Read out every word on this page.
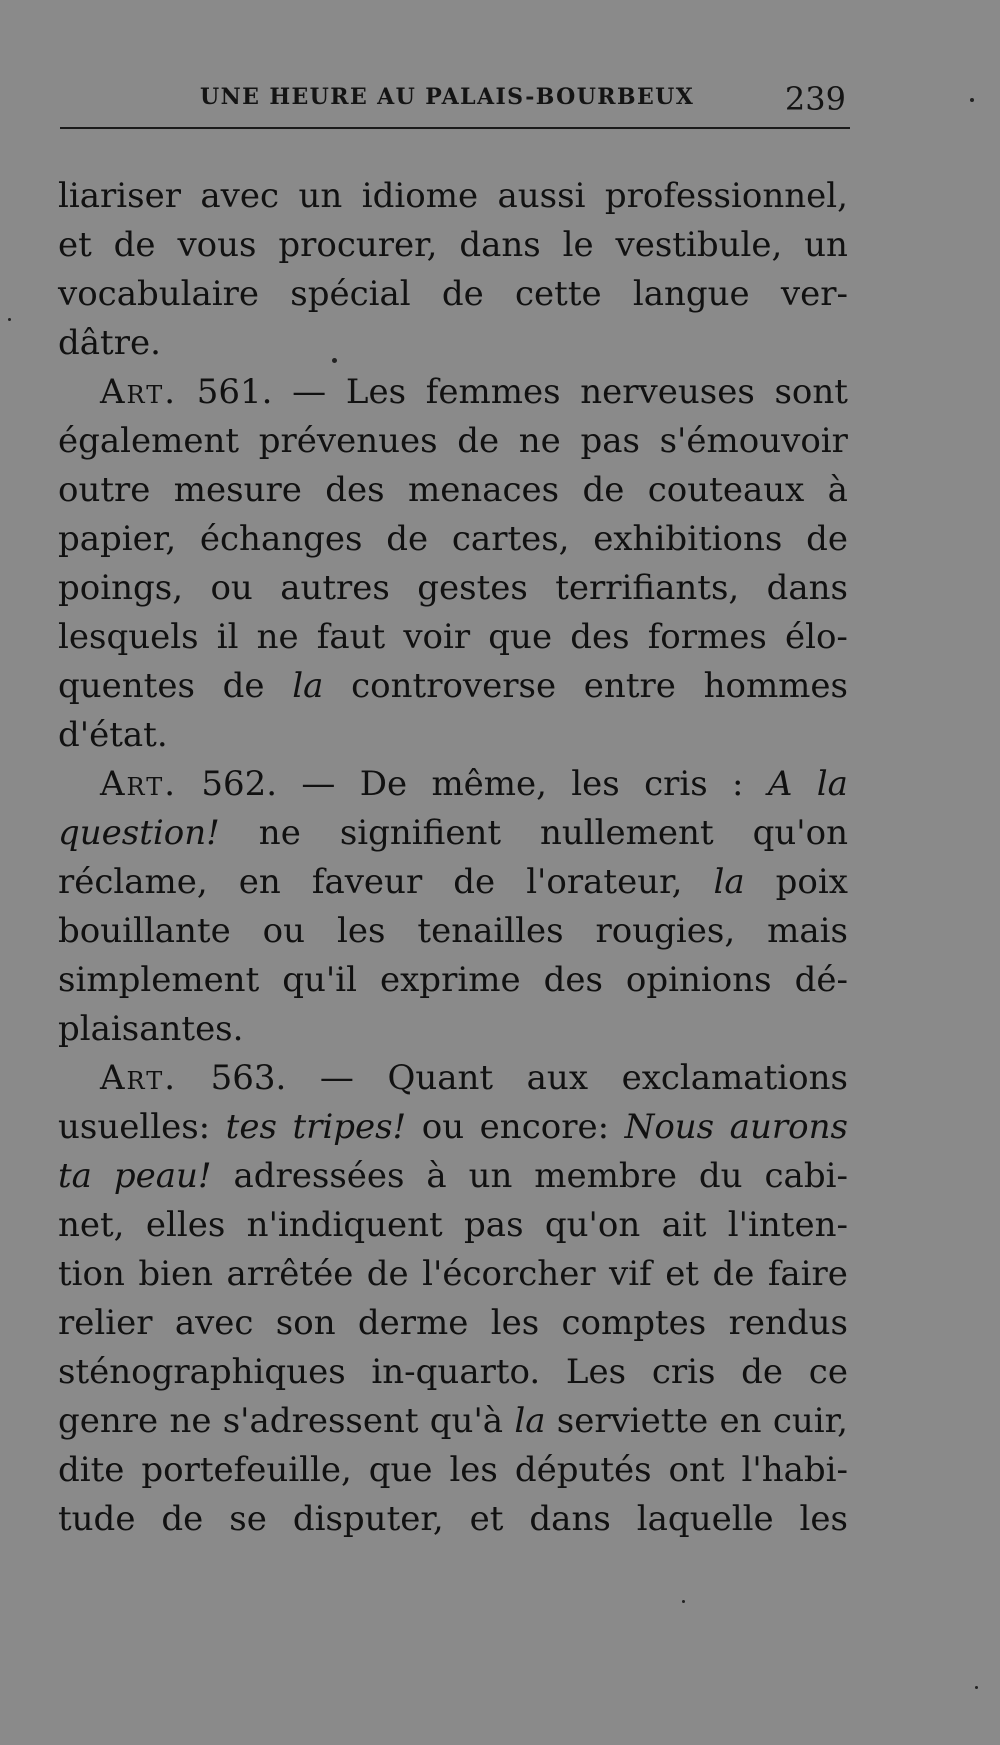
UNE HEURE AU PALAIS-BOURBEUX	239
liariser avec un idiome aussi professionnel,
et de vous procurer, dans le vestibule, un
vocabulaire spécial de cette langue ver-
dâtre.
Art. 561. — Les femmes nerveuses sont
également prévenues de ne pas s'émouvoir
outre mesure des menaces de couteaux à
papier, échanges de cartes, exhibitions de
poings, ou autres gestes terrifiants, dans
lesquels il ne faut voir que des formes élo-
quentes de la controverse entre hommes
d'état.
Art. 562. — De même, les cris : A la
question! ne signifient nullement qu'on
réclame, en faveur de l'orateur, la poix
bouillante ou les tenailles rougies, mais
simplement qu'il exprime des opinions dé-
plaisantes.
Art. 563. — Quant aux exclamations
usuelles: tes tripes! ou encore: Nous aurons
ta peau! adressées à un membre du cabi-
net, elles n'indiquent pas qu'on ait l'inten-
tion bien arrêtée de l'écorcher vif et de faire
relier avec son derme les comptes rendus
sténographiques in-quarto. Les cris de ce
genre ne s'adressent qu'à la serviette en cuir,
dite portefeuille, que les députés ont l'habi-
tude de se disputer, et dans laquelle les
